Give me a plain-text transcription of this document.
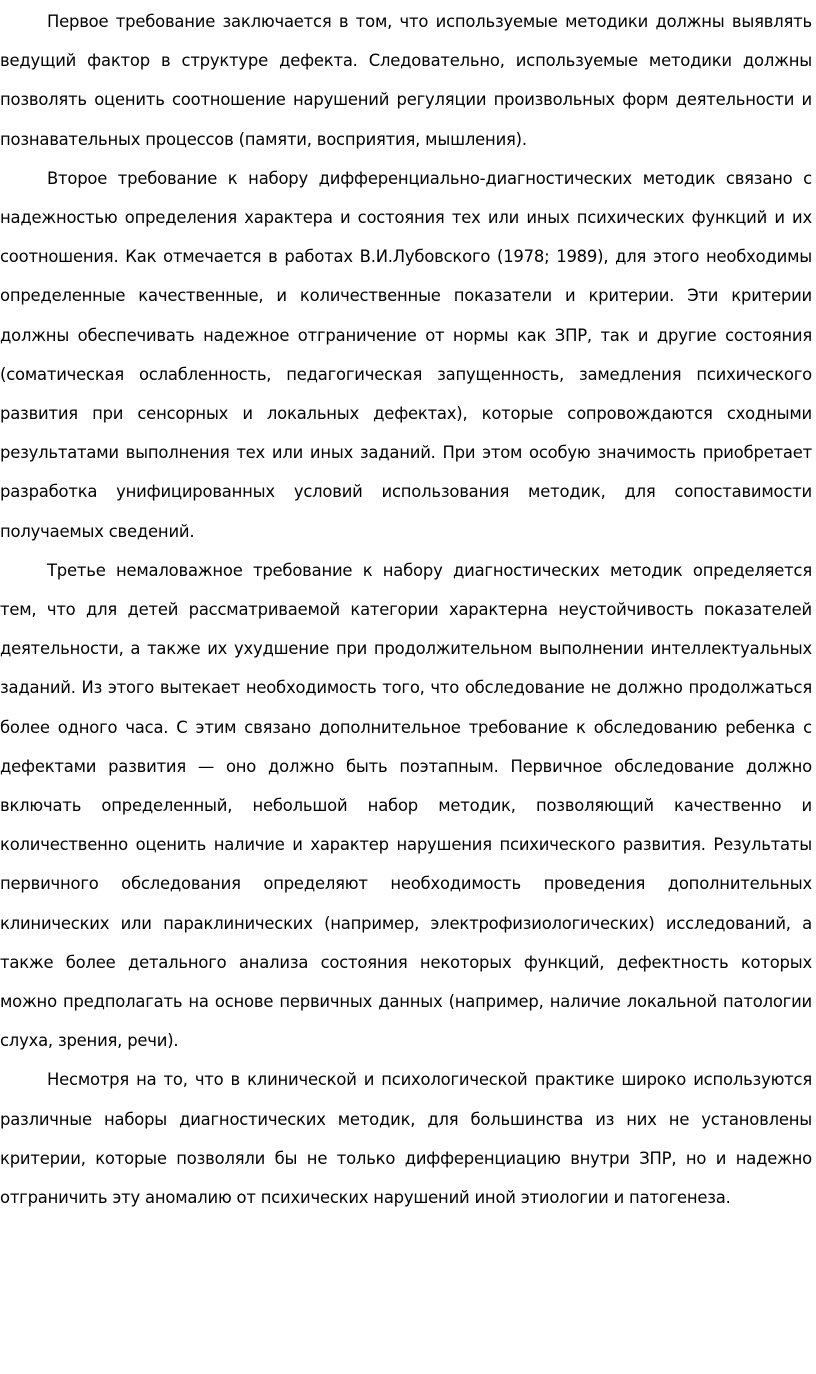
Первое требование заключается в том, что используемые методики должны выявлять ведущий фактор в структуре дефекта. Следовательно, используемые методики должны позволять оценить соотношение нарушений регуляции произвольных форм деятельности и познавательных процессов (памяти, восприятия, мышления).

Второе требование к набору дифференциально-диагностических методик связано с надежностью определения характера и состояния тех или иных психических функций и их соотношения. Как отмечается в работах В.И.Лубовского (1978; 1989), для этого необходимы определенные качественные, и количественные показатели и критерии. Эти критерии должны обеспечивать надежное отграничение от нормы как ЗПР, так и другие состояния (соматическая ослабленность, педагогическая запущенность, замедления психического развития при сенсорных и локальных дефектах), которые сопровождаются сходными результатами выполнения тех или иных заданий. При этом особую значимость приобретает разработка унифицированных условий использования методик, для сопоставимости получаемых сведений.

Третье немаловажное требование к набору диагностических методик определяется тем, что для детей рассматриваемой категории характерна неустойчивость показателей деятельности, а также их ухудшение при продолжительном выполнении интеллектуальных заданий. Из этого вытекает необходимость того, что обследование не должно продолжаться более одного часа. С этим связано дополнительное требование к обследованию ребенка с дефектами развития — оно должно быть поэтапным. Первичное обследование должно включать определенный, небольшой набор методик, позволяющий качественно и количественно оценить наличие и характер нарушения психического развития. Результаты первичного обследования определяют необходимость проведения дополнительных клинических или параклинических (например, электрофизиологических) исследований, а также более детального анализа состояния некоторых функций, дефектность которых можно предполагать на основе первичных данных (например, наличие локальной патологии слуха, зрения, речи).

Несмотря на то, что в клинической и психологической практике широко используются различные наборы диагностических методик, для большинства из них не установлены критерии, которые позволяли бы не только дифференциацию внутри ЗПР, но и надежно отграничить эту аномалию от психических нарушений иной этиологии и патогенеза.
